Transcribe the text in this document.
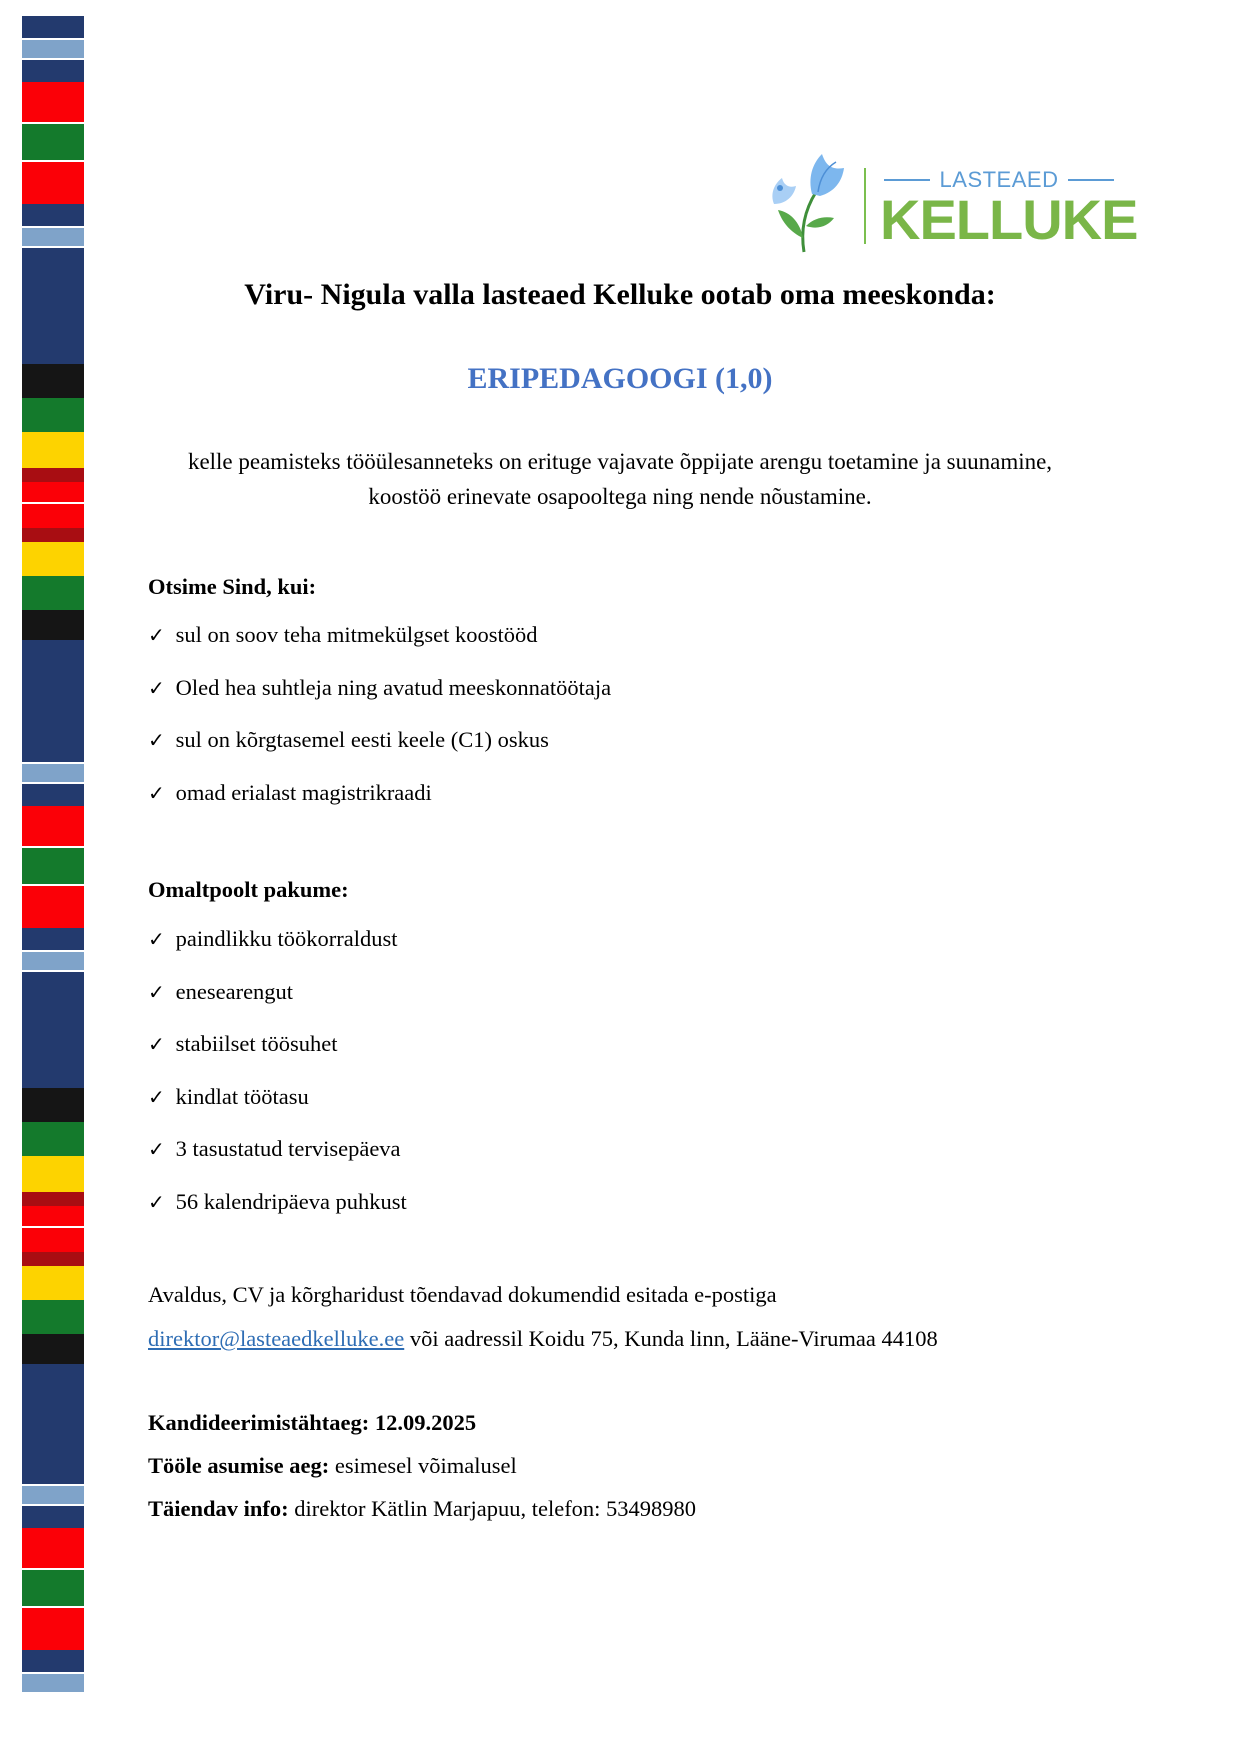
LASTEAED
KELLUKE
Viru- Nigula valla lasteaed Kelluke ootab oma meeskonda:
ERIPEDAGOOGI (1,0)
kelle peamisteks tööülesanneteks on erituge vajavate õppijate arengu toetamine ja suunamine, koostöö erinevate osapooltega ning nende nõustamine.
Otsime Sind, kui:
✓ sul on soov teha mitmekülgset koostööd
✓ Oled hea suhtleja ning avatud meeskonnatöötaja
✓ sul on kõrgtasemel eesti keele (C1) oskus
✓ omad erialast magistrikraadi
Omaltpoolt pakume:
✓ paindlikku töökorraldust
✓ enesearengut
✓ stabiilset töösuhet
✓ kindlat töötasu
✓ 3 tasustatud tervisepäeva
✓ 56 kalendripäeva puhkust
Avaldus, CV ja kõrgharidust tõendavad dokumendid esitada e-postiga
direktor@lasteaedkelluke.ee või aadressil Koidu 75, Kunda linn, Lääne-Virumaa 44108
Kandideerimistähtaeg: 12.09.2025
Tööle asumise aeg: esimesel võimalusel
Täiendav info: direktor Kätlin Marjapuu, telefon: 53498980
